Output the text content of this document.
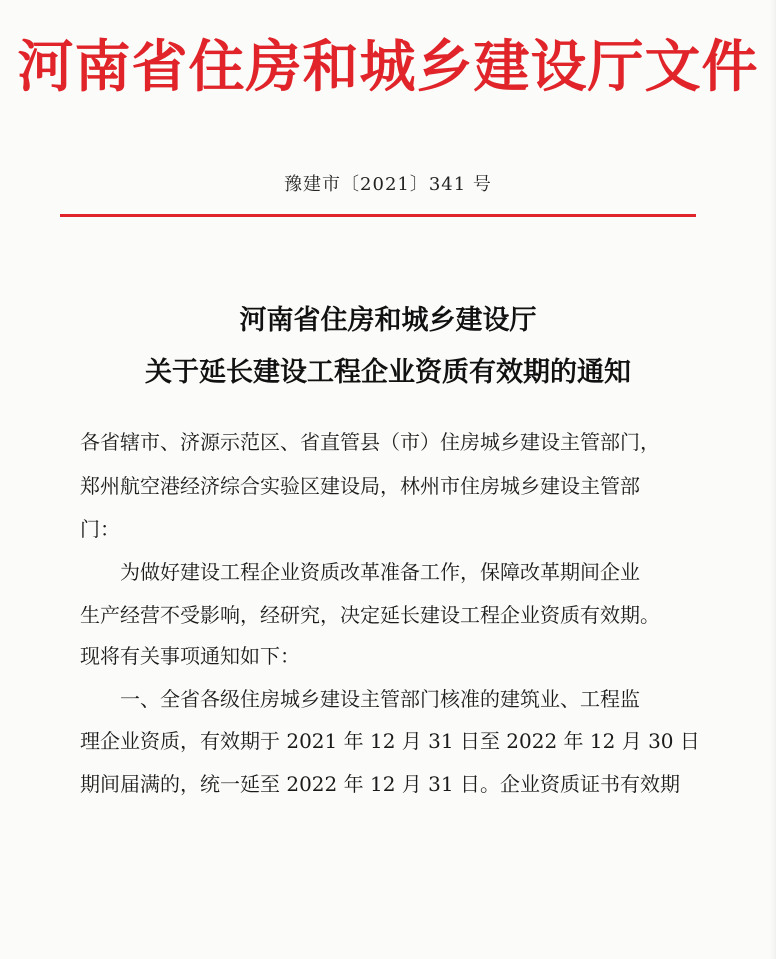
河南省住房和城乡建设厅文件
豫建市〔2021〕341 号
河南省住房和城乡建设厅
关于延长建设工程企业资质有效期的通知
各省辖市、济源示范区、省直管县（市）住房城乡建设主管部门，
郑州航空港经济综合实验区建设局，林州市住房城乡建设主管部
门：
　　为做好建设工程企业资质改革准备工作，保障改革期间企业
生产经营不受影响，经研究，决定延长建设工程企业资质有效期。
现将有关事项通知如下：
　　一、全省各级住房城乡建设主管部门核准的建筑业、工程监
理企业资质，有效期于 2021 年 12 月 31 日至 2022 年 12 月 30 日
期间届满的，统一延至 2022 年 12 月 31 日。企业资质证书有效期
